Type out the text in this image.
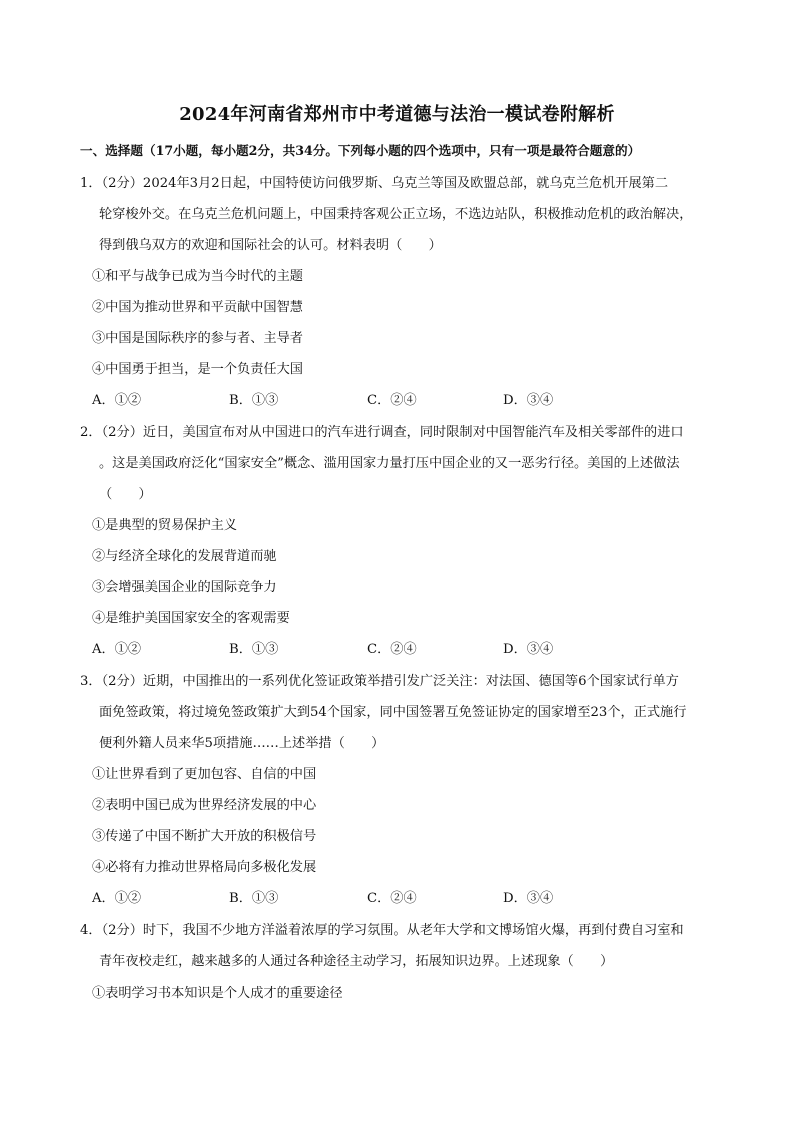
2024年河南省郑州市中考道德与法治一模试卷附解析
一、选择题（17小题，每小题2分，共34分。下列每小题的四个选项中，只有一项是最符合题意的）
1．（2分）2024年3月2日起，中国特使访问俄罗斯、乌克兰等国及欧盟总部，就乌克兰危机开展第二
轮穿梭外交。在乌克兰危机问题上，中国秉持客观公正立场，不选边站队，积极推动危机的政治解决，
得到俄乌双方的欢迎和国际社会的认可。材料表明（　　）
①和平与战争已成为当今时代的主题
②中国为推动世界和平贡献中国智慧
③中国是国际秩序的参与者、主导者
④中国勇于担当，是一个负责任大国
A．①②	B．①③	C．②④	D．③④
2．（2分）近日，美国宣布对从中国进口的汽车进行调查，同时限制对中国智能汽车及相关零部件的进口
。这是美国政府泛化“国家安全”概念、滥用国家力量打压中国企业的又一恶劣行径。美国的上述做法
（　　）
①是典型的贸易保护主义
②与经济全球化的发展背道而驰
③会增强美国企业的国际竞争力
④是维护美国国家安全的客观需要
A．①②	B．①③	C．②④	D．③④
3．（2分）近期，中国推出的一系列优化签证政策举措引发广泛关注：对法国、德国等6个国家试行单方
面免签政策，将过境免签政策扩大到54个国家，同中国签署互免签证协定的国家增至23个，正式施行
便利外籍人员来华5项措施……上述举措（　　）
①让世界看到了更加包容、自信的中国
②表明中国已成为世界经济发展的中心
③传递了中国不断扩大开放的积极信号
④必将有力推动世界格局向多极化发展
A．①②	B．①③	C．②④	D．③④
4．（2分）时下，我国不少地方洋溢着浓厚的学习氛围。从老年大学和文博场馆火爆，再到付费自习室和
青年夜校走红，越来越多的人通过各种途径主动学习，拓展知识边界。上述现象（　　）
①表明学习书本知识是个人成才的重要途径
